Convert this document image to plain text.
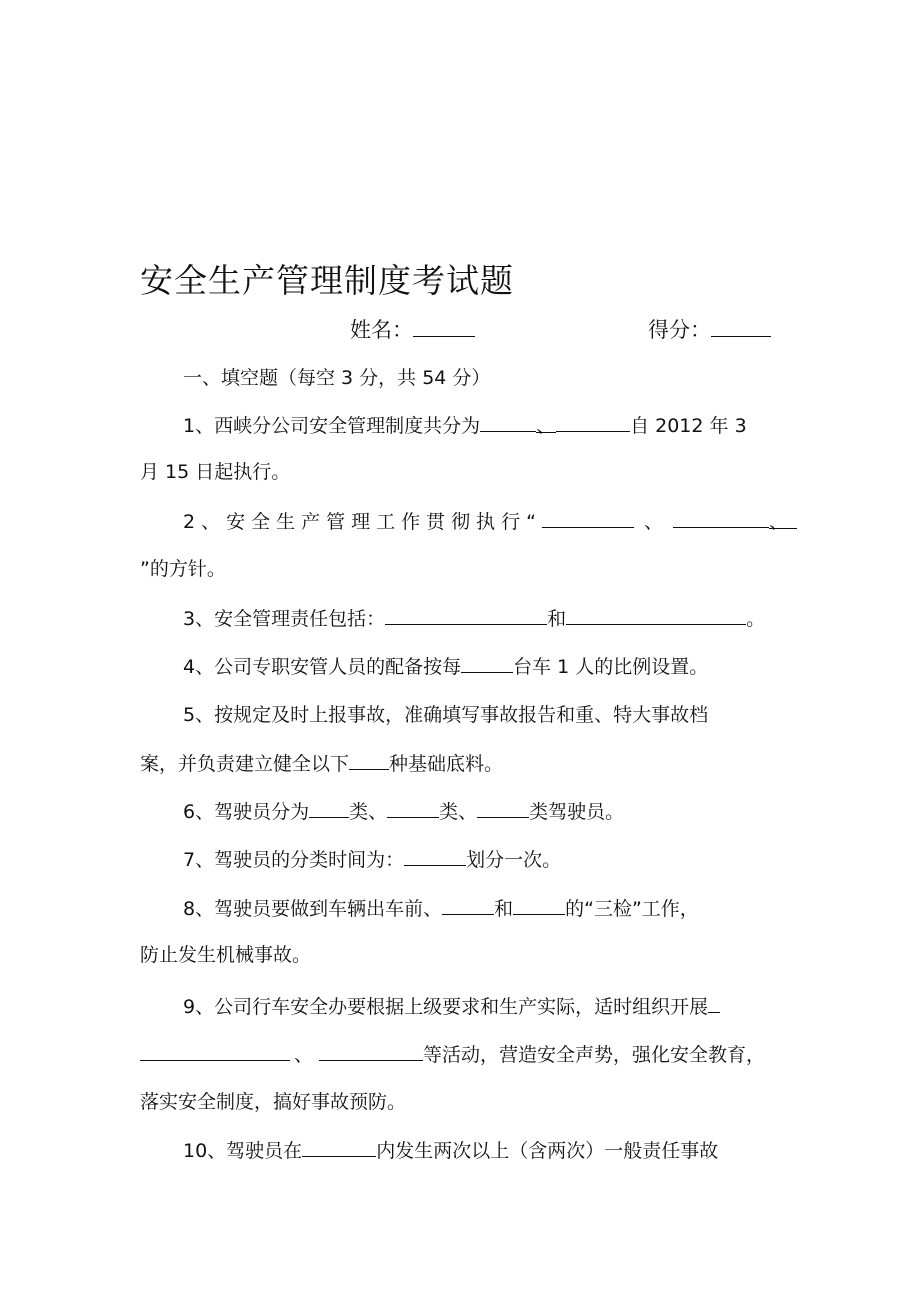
安全生产管理制度考试题
姓名：	得分：
一、填空题（每空 3 分，共 54 分）
1、西峡分公司安全管理制度共分为	、	自 2012 年 3
月 15 日起执行。
2、安全生产管理工作贯彻执行“	、	、
”的方针。
3、安全管理责任包括：	和	。
4、公司专职安管人员的配备按每	台车 1 人的比例设置。
5、按规定及时上报事故，准确填写事故报告和重、特大事故档
案，并负责建立健全以下 种基础底料。
6、驾驶员分为 类、	类、	类驾驶员。
7、驾驶员的分类时间为：	划分一次。
8、驾驶员要做到车辆出车前、	和	的“三检”工作，
防止发生机械事故。
9、公司行车安全办要根据上级要求和生产实际，适时组织开展
、	等活动，营造安全声势，强化安全教育，
落实安全制度，搞好事故预防。
10、驾驶员在	内发生两次以上（含两次）一般责任事故
